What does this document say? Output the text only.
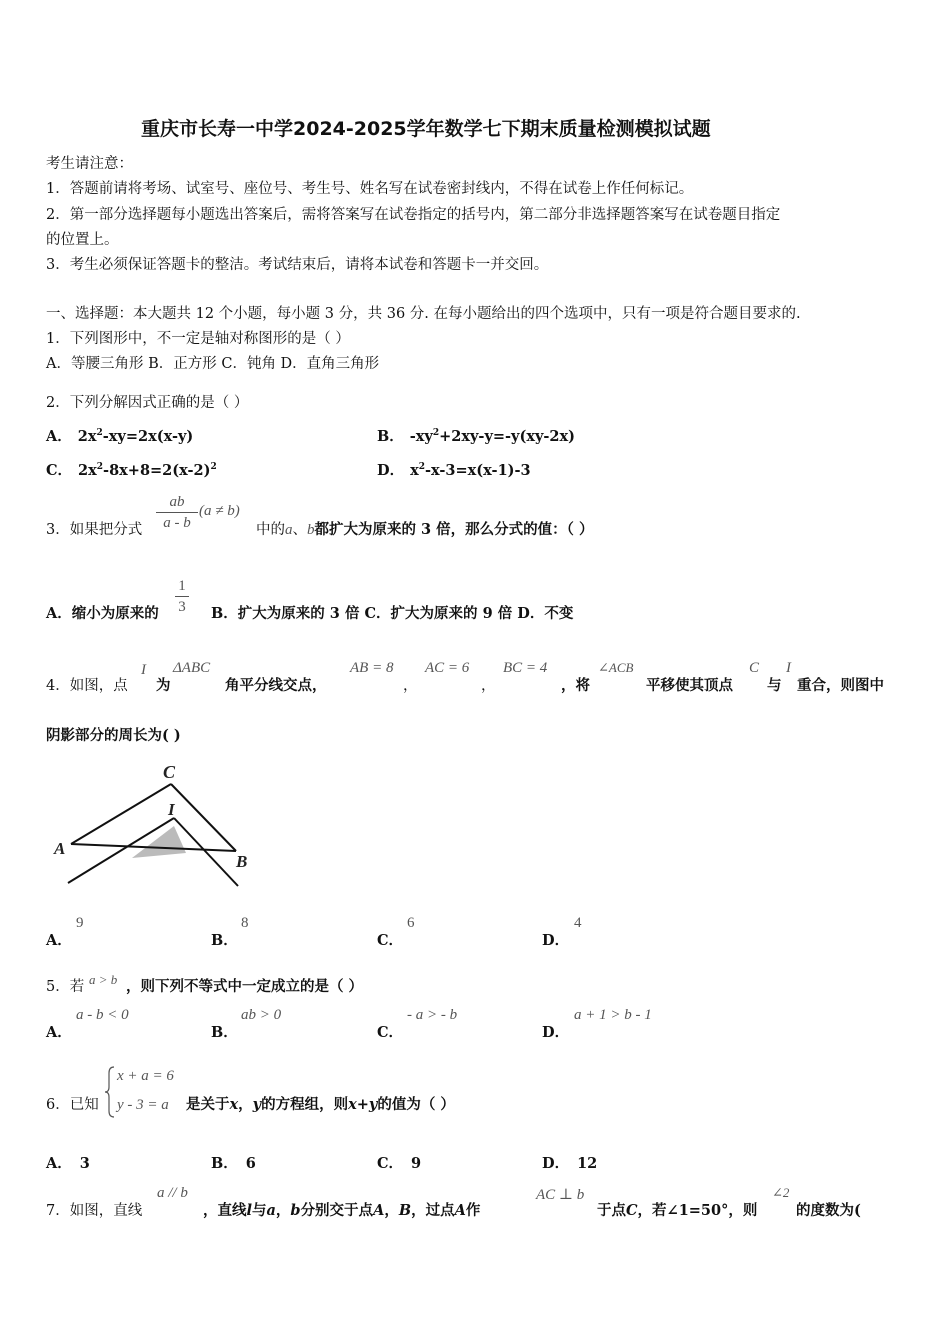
重庆市长寿一中学2024-2025学年数学七下期末质量检测模拟试题
考生请注意：
1．答题前请将考场、试室号、座位号、考生号、姓名写在试卷密封线内，不得在试卷上作任何标记。
2．第一部分选择题每小题选出答案后，需将答案写在试卷指定的括号内，第二部分非选择题答案写在试卷题目指定
的位置上。
3．考生必须保证答题卡的整洁。考试结束后，请将本试卷和答题卡一并交回。
一、选择题：本大题共 12 个小题，每小题 3 分，共 36 分. 在每小题给出的四个选项中，只有一项是符合题目要求的.
1．下列图形中，不一定是轴对称图形的是（ ）
A．等腰三角形 B．正方形 C．钝角 D．直角三角形
2．下列分解因式正确的是（ ）
A． $2x^2-xy=2x(x-y)$	B． $-xy^2+2xy-y=-y(xy-2x)$
C． $2x^2-8x+8=2(x-2)^2$	D． $x^2-x-3=x(x-1)-3$
3．如果把分式 $\frac{ab}{a - b} (a \ne b)$
中的a、b都扩大为原来的 3 倍，那么分式的值：（ ）
A．缩小为原来的 $\frac{1}{3}$ B．扩大为原来的 3 倍 C．扩大为原来的 9 倍 D．不变
4．如图，点
I
为
ΔABC
角平分线交点，
AB = 8
，
AC = 6
，
BC = 4
，将
∠ACB
平移使其顶点
C
与
I
重合，则图中
阴影部分的周长为( )
C
I
A
B
A．
9
B．
8
C．
6
D．
4
5．若 a > b ，则下列不等式中一定成立的是（ ）
A．
a - b < 0
B．
ab > 0
C．
- a > - b
D．
a + 1 > b - 1
6．已知
x + a = 6
y - 3 = a 是关于x，y的方程组，则x+y的值为（ ）
A． 3	B． 6	C． 9	D． 12
7．如图，直线
a // b
，直线l与a，b分别交于点A，B，过点A作
AC ⊥ b
于点C，若∠1=50°，则
∠2
的度数为(
